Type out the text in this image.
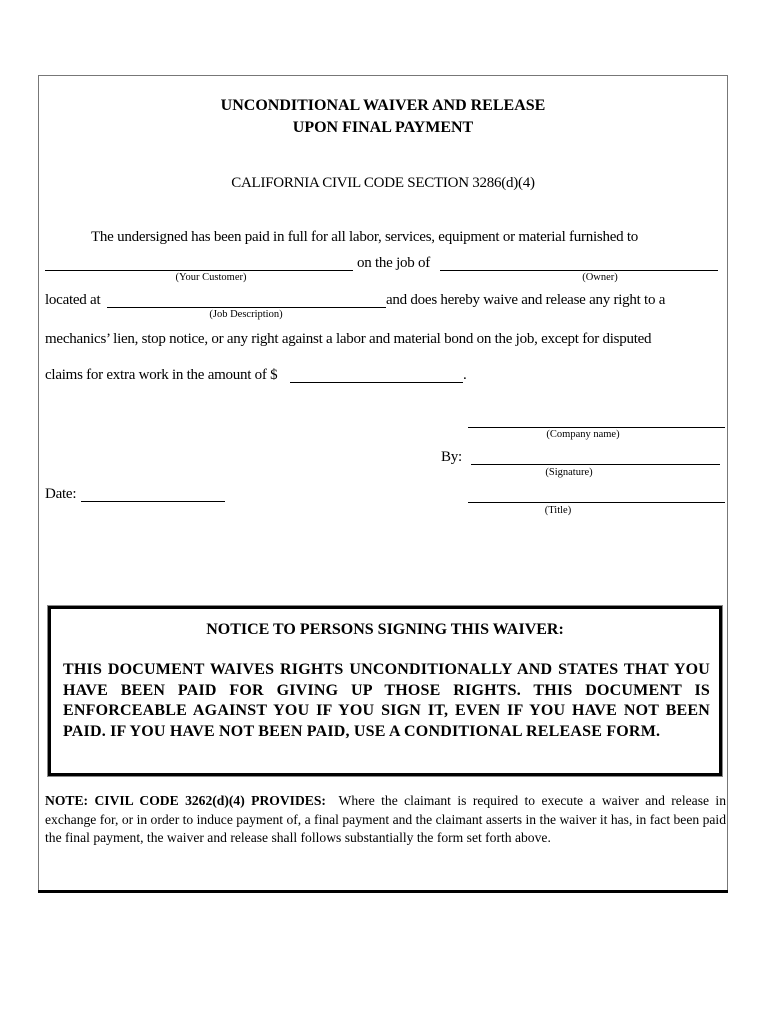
UNCONDITIONAL WAIVER AND RELEASE
UPON FINAL PAYMENT
CALIFORNIA CIVIL CODE SECTION 3286(d)(4)
The undersigned has been paid in full for all labor, services, equipment or material furnished to
on the job of
(Your Customer)	(Owner)
located at	and does hereby waive and release any right to a
(Job Description)
mechanics’ lien, stop notice, or any right against a labor and material bond on the job, except for disputed
claims for extra work in the amount of $	.
(Company name)
By:
(Signature)
Date:
(Title)
NOTICE TO PERSONS SIGNING THIS WAIVER:
THIS DOCUMENT WAIVES RIGHTS UNCONDITIONALLY AND STATES THAT YOU HAVE BEEN PAID FOR GIVING UP THOSE RIGHTS. THIS DOCUMENT IS ENFORCEABLE AGAINST YOU IF YOU SIGN IT, EVEN IF YOU HAVE NOT BEEN PAID. IF YOU HAVE NOT BEEN PAID, USE A CONDITIONAL RELEASE FORM.
NOTE: CIVIL CODE 3262(d)(4) PROVIDES: Where the claimant is required to execute a waiver and release in exchange for, or in order to induce payment of, a final payment and the claimant asserts in the waiver it has, in fact been paid the final payment, the waiver and release shall follows substantially the form set forth above.
